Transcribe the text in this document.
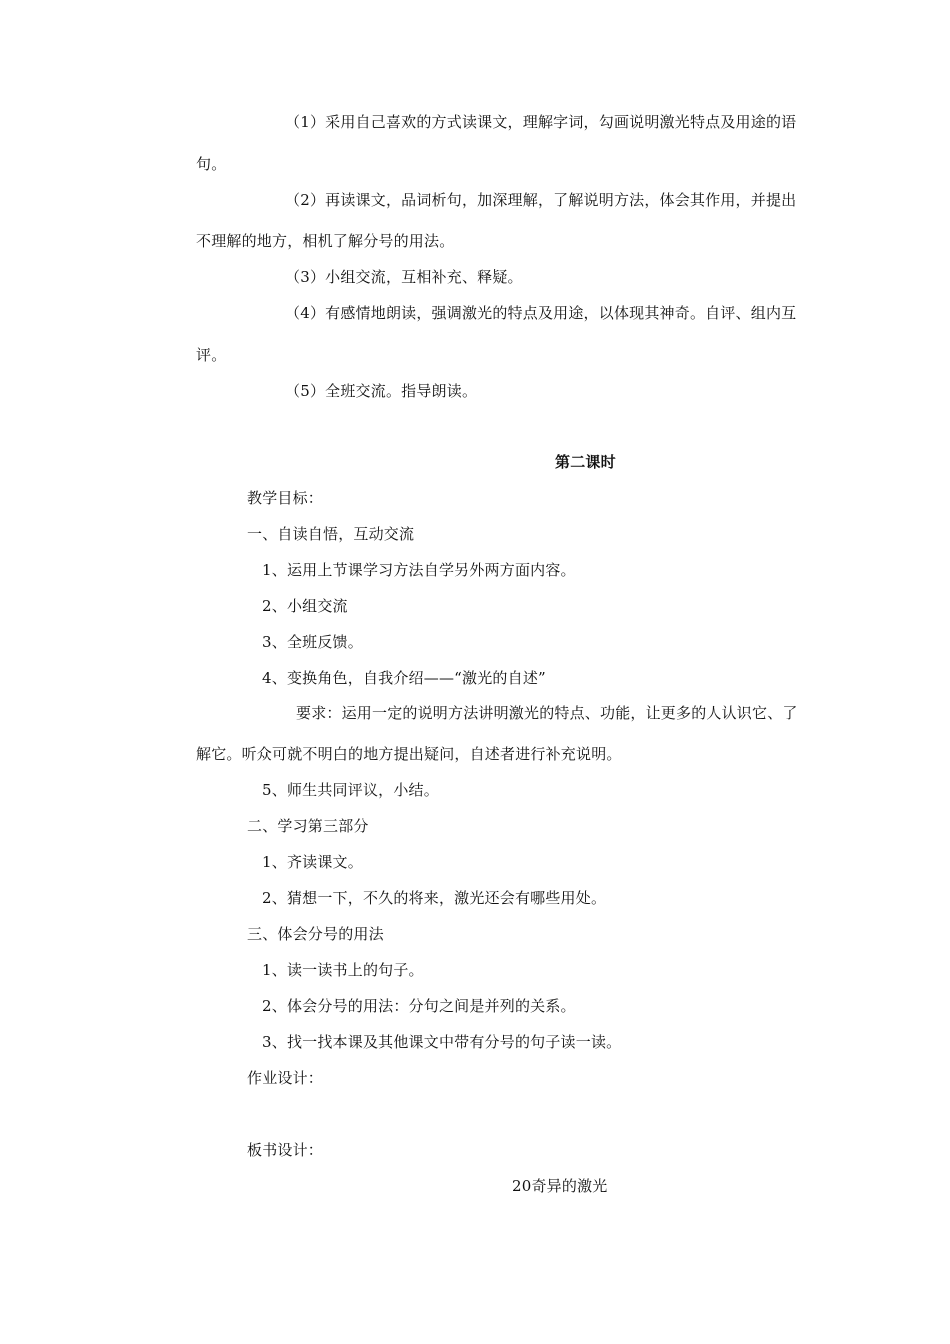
（1）采用自己喜欢的方式读课文，理解字词，勾画说明激光特点及用途的语
句。
（2）再读课文，品词析句，加深理解，了解说明方法，体会其作用，并提出
不理解的地方，相机了解分号的用法。
（3）小组交流，互相补充、释疑。
（4）有感情地朗读，强调激光的特点及用途，以体现其神奇。自评、组内互
评。
（5）全班交流。指导朗读。
第二课时
教学目标：
一、自读自悟，互动交流
1、运用上节课学习方法自学另外两方面内容。
2、小组交流
3、全班反馈。
4、变换角色，自我介绍——“激光的自述”
要求：运用一定的说明方法讲明激光的特点、功能，让更多的人认识它、了
解它。听众可就不明白的地方提出疑问，自述者进行补充说明。
5、师生共同评议，小结。
二、学习第三部分
1、齐读课文。
2、猜想一下，不久的将来，激光还会有哪些用处。
三、体会分号的用法
1、读一读书上的句子。
2、体会分号的用法：分句之间是并列的关系。
3、找一找本课及其他课文中带有分号的句子读一读。
作业设计：
板书设计：
20奇异的激光
